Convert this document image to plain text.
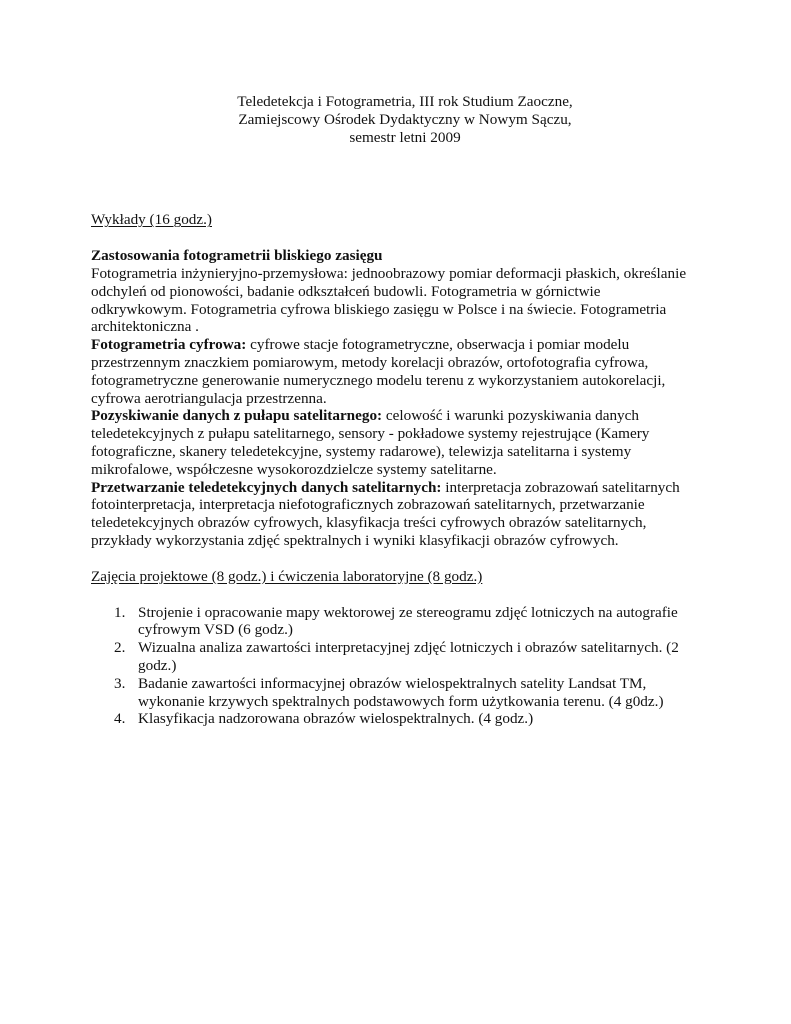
Teledetekcja i Fotogrametria, III rok Studium Zaoczne,
Zamiejscowy Ośrodek Dydaktyczny w Nowym Sączu,
semestr letni 2009
Wykłady (16 godz.)
Zastosowania fotogrametrii bliskiego zasięgu
Fotogrametria inżynieryjno-przemysłowa: jednoobrazowy pomiar deformacji płaskich, określanie
odchyleń od pionowości, badanie odkształceń budowli. Fotogrametria w górnictwie
odkrywkowym. Fotogrametria cyfrowa bliskiego zasięgu w Polsce i na świecie. Fotogrametria
architektoniczna .
Fotogrametria cyfrowa: cyfrowe stacje fotogrametryczne, obserwacja i pomiar modelu
przestrzennym znaczkiem pomiarowym, metody korelacji obrazów, ortofotografia cyfrowa,
fotogrametryczne generowanie numerycznego modelu terenu z wykorzystaniem autokorelacji,
cyfrowa aerotriangulacja przestrzenna.
Pozyskiwanie danych z pułapu satelitarnego: celowość i warunki pozyskiwania danych
teledetekcyjnych z pułapu satelitarnego, sensory - pokładowe systemy rejestrujące (Kamery
fotograficzne, skanery teledetekcyjne, systemy radarowe), telewizja satelitarna i systemy
mikrofalowe, współczesne wysokorozdzielcze systemy satelitarne.
Przetwarzanie teledetekcyjnych danych satelitarnych: interpretacja zobrazowań satelitarnych
fotointerpretacja, interpretacja niefotograficznych zobrazowań satelitarnych, przetwarzanie
teledetekcyjnych obrazów cyfrowych, klasyfikacja treści cyfrowych obrazów satelitarnych,
przykłady wykorzystania zdjęć spektralnych i wyniki klasyfikacji obrazów cyfrowych.
Zajęcia projektowe (8 godz.) i ćwiczenia laboratoryjne (8 godz.)
1. Strojenie i opracowanie mapy wektorowej ze stereogramu zdjęć lotniczych na autografie
cyfrowym VSD (6 godz.)
2. Wizualna analiza zawartości interpretacyjnej zdjęć lotniczych i obrazów satelitarnych. (2
godz.)
3. Badanie zawartości informacyjnej obrazów wielospektralnych satelity Landsat TM,
wykonanie krzywych spektralnych podstawowych form użytkowania terenu. (4 g0dz.)
4. Klasyfikacja nadzorowana obrazów wielospektralnych. (4 godz.)
